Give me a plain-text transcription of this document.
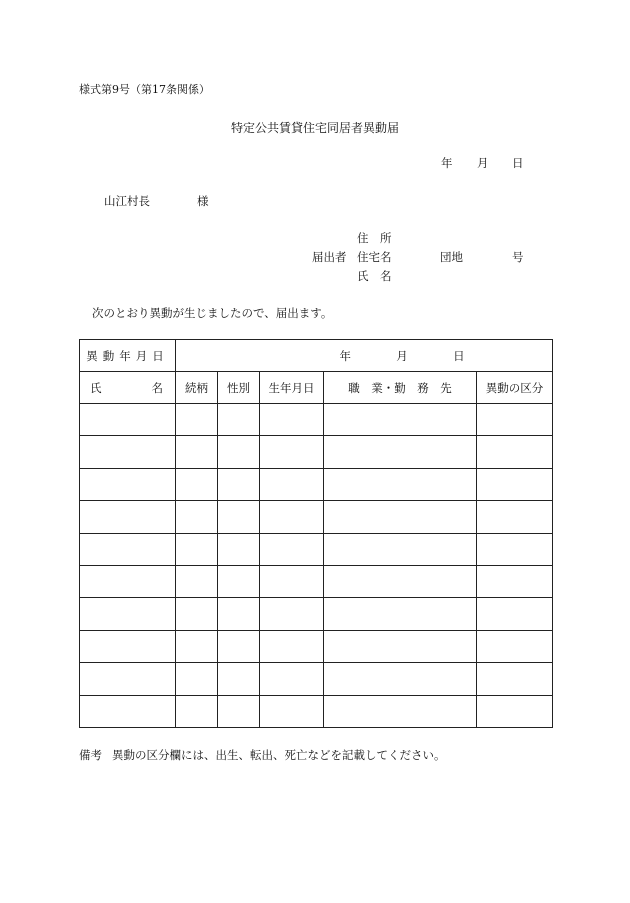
様式第9号（第17条関係）
特定公共賃貸住宅同居者異動届
年 月 日
山江村長	様
住　所
届出者 住宅名	団地	号
氏　名
次のとおり異動が生じましたので、届出ます。
異動年月日	年 月 日				

氏 名	続柄	性別	生年月日	職　業・勤　務　先	異動の区分

備考 異動の区分欄には、出生、転出、死亡などを記載してください。
